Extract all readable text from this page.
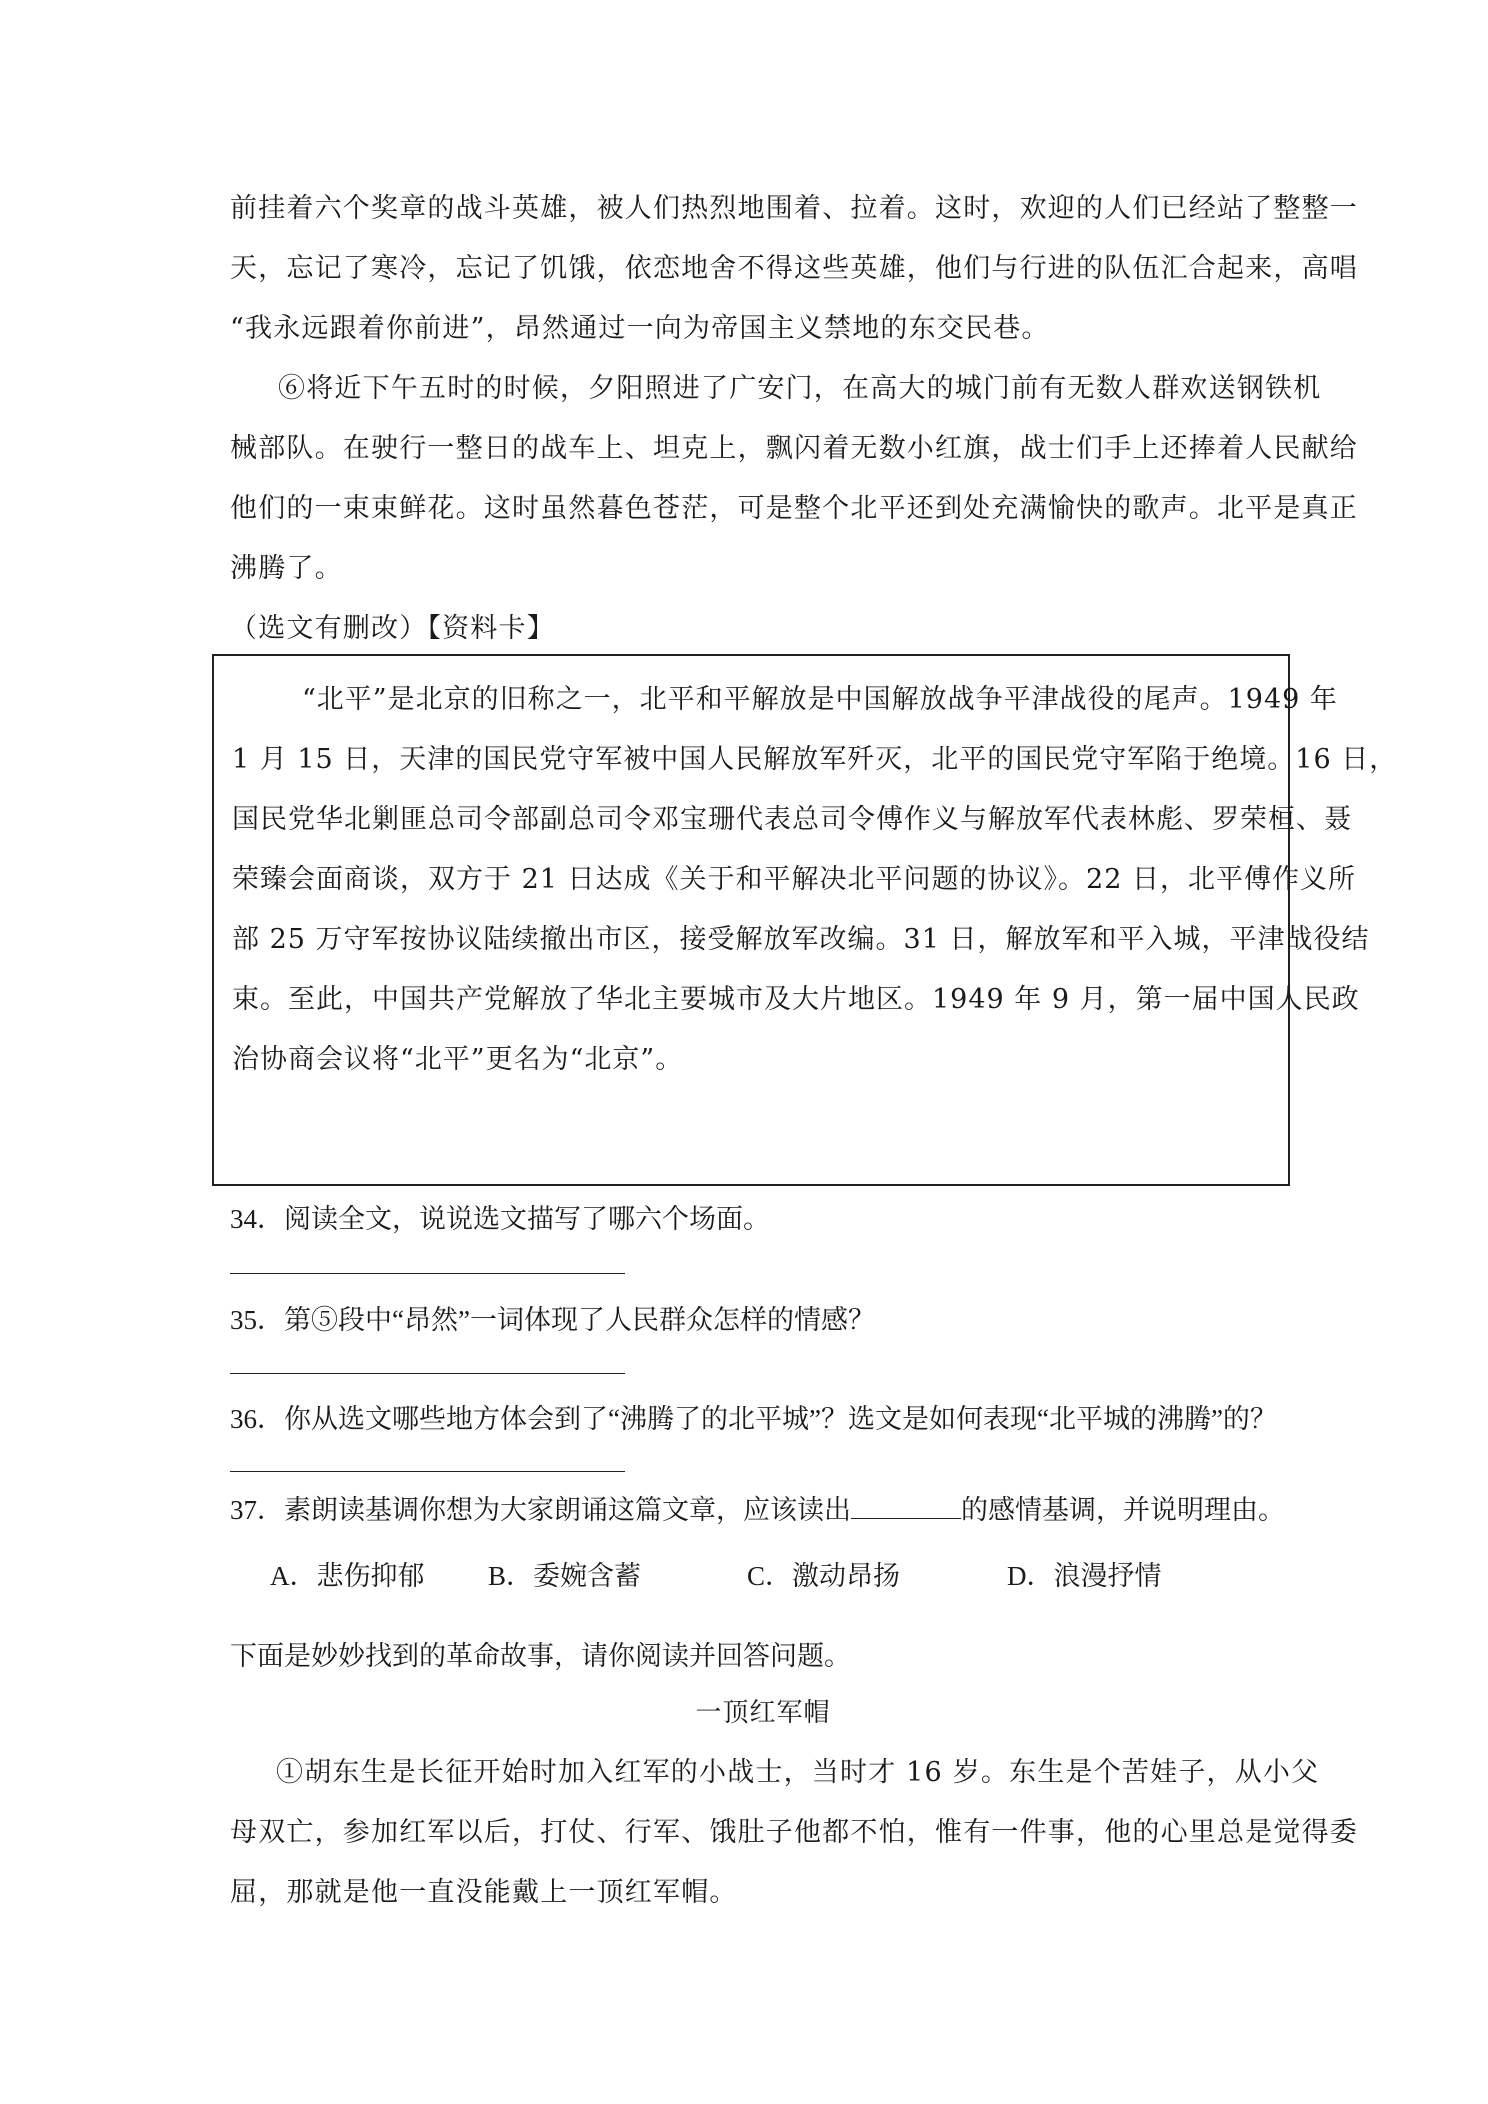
前挂着六个奖章的战斗英雄，被人们热烈地围着、拉着。这时，欢迎的人们已经站了整整一
天，忘记了寒冷，忘记了饥饿，依恋地舍不得这些英雄，他们与行进的队伍汇合起来，高唱
“我永远跟着你前进”，昂然通过一向为帝国主义禁地的东交民巷。
⑥将近下午五时的时候，夕阳照进了广安门，在高大的城门前有无数人群欢送钢铁机
械部队。在驶行一整日的战车上、坦克上，飘闪着无数小红旗，战士们手上还捧着人民献给
他们的一束束鲜花。这时虽然暮色苍茫，可是整个北平还到处充满愉快的歌声。北平是真正
沸腾了。
（选文有删改）【资料卡】
“北平”是北京的旧称之一，北平和平解放是中国解放战争平津战役的尾声。1949 年
1 月 15 日，天津的国民党守军被中国人民解放军歼灭，北平的国民党守军陷于绝境。16 日，
国民党华北剿匪总司令部副总司令邓宝珊代表总司令傅作义与解放军代表林彪、罗荣桓、聂
荣臻会面商谈，双方于 21 日达成《关于和平解决北平问题的协议》。22 日，北平傅作义所
部 25 万守军按协议陆续撤出市区，接受解放军改编。31 日，解放军和平入城，平津战役结
束。至此，中国共产党解放了华北主要城市及大片地区。1949 年 9 月，第一届中国人民政
治协商会议将“北平”更名为“北京”。
34．阅读全文，说说选文描写了哪六个场面。
35．第⑤段中“昂然”一词体现了人民群众怎样的情感？
36．你从选文哪些地方体会到了“沸腾了的北平城”？选文是如何表现“北平城的沸腾”的？
37．素朗读基调你想为大家朗诵这篇文章，应该读出	的感情基调，并说明理由。
A．悲伤抑郁 B．委婉含蓄	C．激动昂扬	D．浪漫抒情
下面是妙妙找到的革命故事，请你阅读并回答问题。
一顶红军帽
①胡东生是长征开始时加入红军的小战士，当时才 16 岁。东生是个苦娃子，从小父
母双亡，参加红军以后，打仗、行军、饿肚子他都不怕，惟有一件事，他的心里总是觉得委
屈，那就是他一直没能戴上一顶红军帽。
